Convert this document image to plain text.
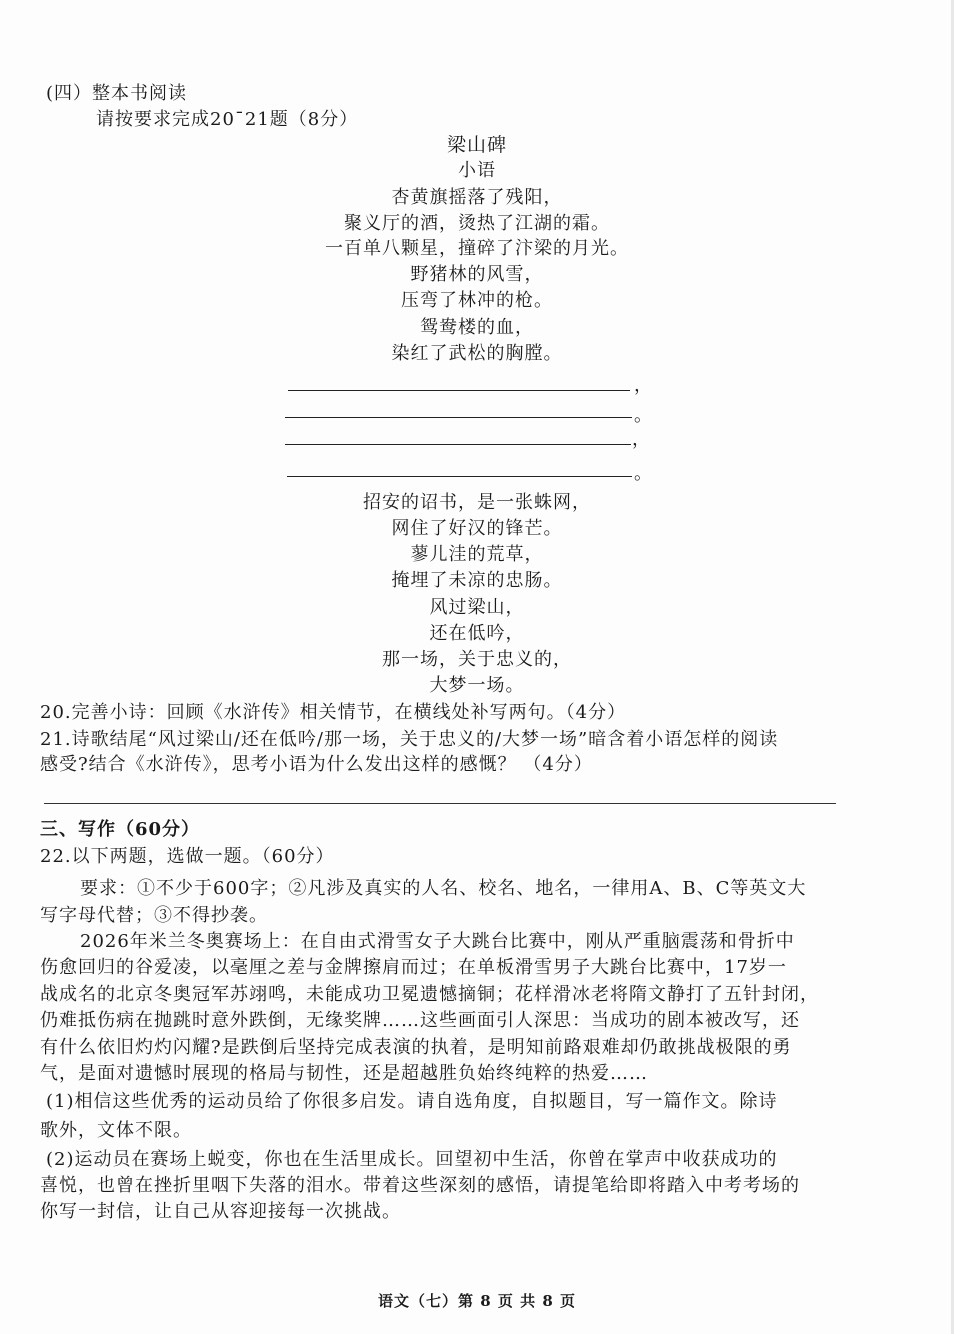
(四）整本书阅读
请按要求完成20¯21题（8分）
梁山碑
小语
杏黄旗摇落了残阳，
聚义厅的酒，烫热了江湖的霜。
一百单八颗星，撞碎了汴梁的月光。
野猪林的风雪，
压弯了林冲的枪。
鸳鸯楼的血，
染红了武松的胸膛。
，
。
，
。
招安的诏书，是一张蛛网，
网住了好汉的锋芒。
蓼儿洼的荒草，
掩埋了未凉的忠肠。
风过梁山，
还在低吟，
那一场，关于忠义的，
大梦一场。
20.完善小诗：回顾《水浒传》相关情节，在横线处补写两句。（4分）
21.诗歌结尾“风过梁山/还在低吟/那一场，关于忠义的/大梦一场”暗含着小语怎样的阅读
感受?结合《水浒传》，思考小语为什么发出这样的感慨？ （4分）
三、写作（60分）
22.以下两题，选做一题。（60分）
要求：①不少于600字；②凡涉及真实的人名、校名、地名，一律用A、B、C等英文大
写字母代替；③不得抄袭。
2026年米兰冬奥赛场上：在自由式滑雪女子大跳台比赛中，刚从严重脑震荡和骨折中
伤愈回归的谷爱凌，以毫厘之差与金牌擦肩而过；在单板滑雪男子大跳台比赛中，17岁一
战成名的北京冬奥冠军苏翊鸣，未能成功卫冕遗憾摘铜；花样滑冰老将隋文静打了五针封闭，
仍难抵伤病在抛跳时意外跌倒，无缘奖牌……这些画面引人深思：当成功的剧本被改写，还
有什么依旧灼灼闪耀?是跌倒后坚持完成表演的执着，是明知前路艰难却仍敢挑战极限的勇
气，是面对遗憾时展现的格局与韧性，还是超越胜负始终纯粹的热爱……
(1)相信这些优秀的运动员给了你很多启发。请自选角度，自拟题目，写一篇作文。除诗
歌外，文体不限。
(2)运动员在赛场上蜕变，你也在生活里成长。回望初中生活，你曾在掌声中收获成功的
喜悦，也曾在挫折里咽下失落的泪水。带着这些深刻的感悟，请提笔给即将踏入中考考场的
你写一封信，让自己从容迎接每一次挑战。
语文（七）第 8 页 共 8 页
